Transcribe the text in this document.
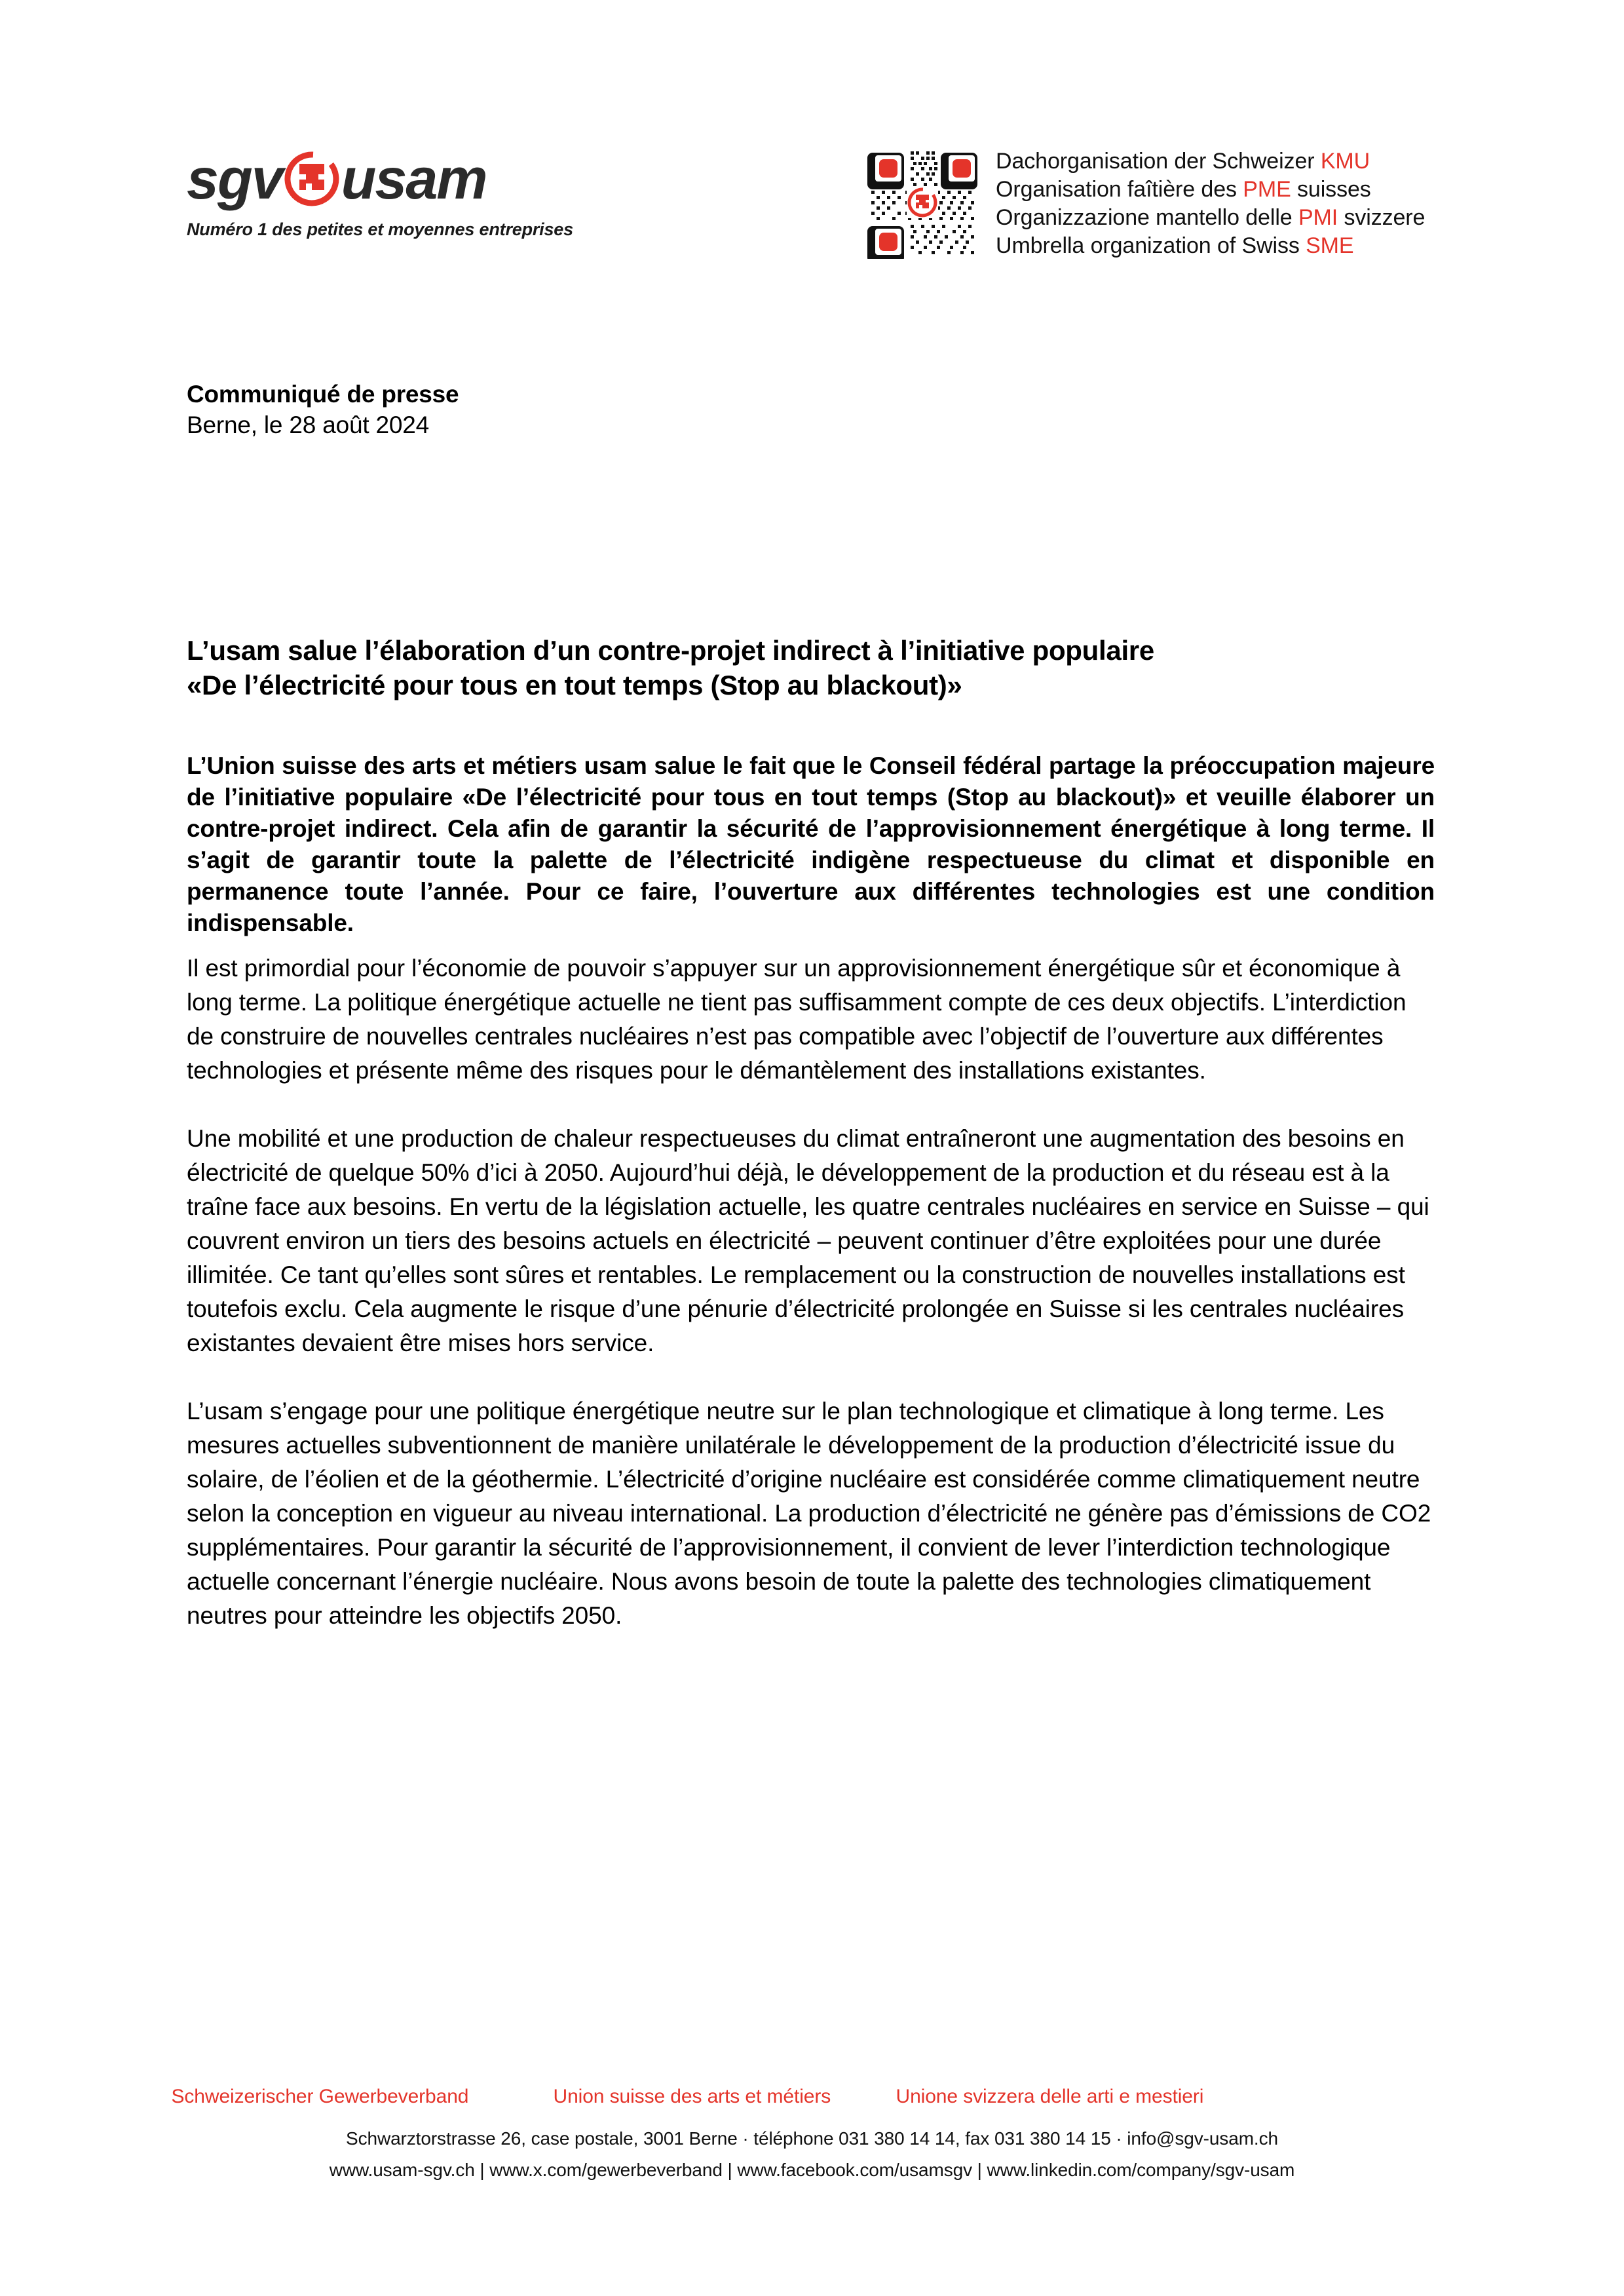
sgv usam
Numéro 1 des petites et moyennes entreprises
Dachorganisation der Schweizer KMU
Organisation faîtière des PME suisses
Organizzazione mantello delle PMI svizzere
Umbrella organization of Swiss SME
Communiqué de presse
Berne, le 28 août 2024
L’usam salue l’élaboration d’un contre-projet indirect à l’initiative populaire
«De l’électricité pour tous en tout temps (Stop au blackout)»

L’Union suisse des arts et métiers usam salue le fait que le Conseil fédéral partage la préoccupation majeure de l’initiative populaire «De l’électricité pour tous en tout temps (Stop au blackout)» et veuille élaborer un contre-projet indirect. Cela afin de garantir la sécurité de l’approvisionnement énergétique à long terme. Il s’agit de garantir toute la palette de l’électricité indigène respectueuse du climat et disponible en permanence toute l’année. Pour ce faire, l’ouverture aux différentes technologies est une condition indispensable.

Il est primordial pour l’économie de pouvoir s’appuyer sur un approvisionnement énergétique sûr et économique à long terme. La politique énergétique actuelle ne tient pas suffisamment compte de ces deux objectifs. L’interdiction de construire de nouvelles centrales nucléaires n’est pas compatible avec l’objectif de l’ouverture aux différentes technologies et présente même des risques pour le démantèlement des installations existantes.

Une mobilité et une production de chaleur respectueuses du climat entraîneront une augmentation des besoins en électricité de quelque 50% d’ici à 2050. Aujourd’hui déjà, le développement de la production et du réseau est à la traîne face aux besoins. En vertu de la législation actuelle, les quatre centrales nucléaires en service en Suisse – qui couvrent environ un tiers des besoins actuels en électricité – peuvent continuer d’être exploitées pour une durée illimitée. Ce tant qu’elles sont sûres et rentables. Le remplacement ou la construction de nouvelles installations est toutefois exclu. Cela augmente le risque d’une pénurie d’électricité prolongée en Suisse si les centrales nucléaires existantes devaient être mises hors service.

L’usam s’engage pour une politique énergétique neutre sur le plan technologique et climatique à long terme. Les mesures actuelles subventionnent de manière unilatérale le développement de la production d’électricité issue du solaire, de l’éolien et de la géothermie. L’électricité d’origine nucléaire est considérée comme climatiquement neutre selon la conception en vigueur au niveau international. La production d’électricité ne génère pas d’émissions de CO2 supplémentaires. Pour garantir la sécurité de l’approvisionnement, il convient de lever l’interdiction technologique actuelle concernant l’énergie nucléaire. Nous avons besoin de toute la palette des technologies climatiquement neutres pour atteindre les objectifs 2050.

Schweizerischer Gewerbeverband	Union suisse des arts et métiers	Unione svizzera delle arti e mestieri
Schwarztorstrasse 26, case postale, 3001 Berne · téléphone 031 380 14 14, fax 031 380 14 15 · info@sgv-usam.ch
www.usam-sgv.ch | www.x.com/gewerbeverband | www.facebook.com/usamsgv | www.linkedin.com/company/sgv-usam
